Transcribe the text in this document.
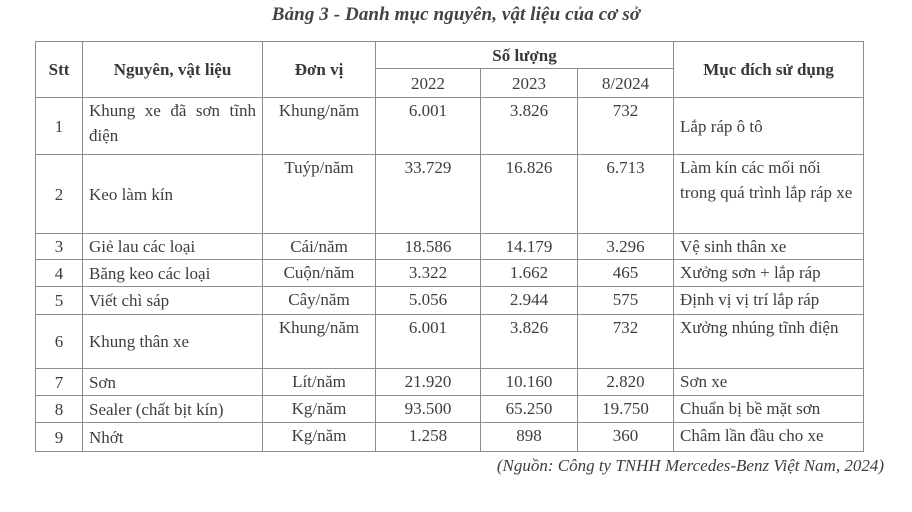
Bảng 3 - Danh mục nguyên, vật liệu của cơ sở
Stt	Nguyên, vật liệu	Đơn vị	Số lượng			Mục đích sử dụng
			2022	2023	8/2024	
1	Khung xe đã sơn tĩnh điện	Khung/năm	6.001	3.826	732	Lắp ráp ô tô
2	Keo làm kín	Tuýp/năm	33.729	16.826	6.713	Làm kín các mối nối trong quá trình lắp ráp xe
3	Giẻ lau các loại	Cái/năm	18.586	14.179	3.296	Vệ sinh thân xe
4	Băng keo các loại	Cuộn/năm	3.322	1.662	465	Xưởng sơn + lắp ráp
5	Viết chì sáp	Cây/năm	5.056	2.944	575	Định vị vị trí lắp ráp
6	Khung thân xe	Khung/năm	6.001	3.826	732	Xưởng nhúng tĩnh điện
7	Sơn	Lít/năm	21.920	10.160	2.820	Sơn xe
8	Sealer (chất bịt kín)	Kg/năm	93.500	65.250	19.750	Chuẩn bị bề mặt sơn
9	Nhớt	Kg/năm	1.258	898	360	Châm lần đầu cho xe
(Nguồn: Công ty TNHH Mercedes-Benz Việt Nam, 2024)
